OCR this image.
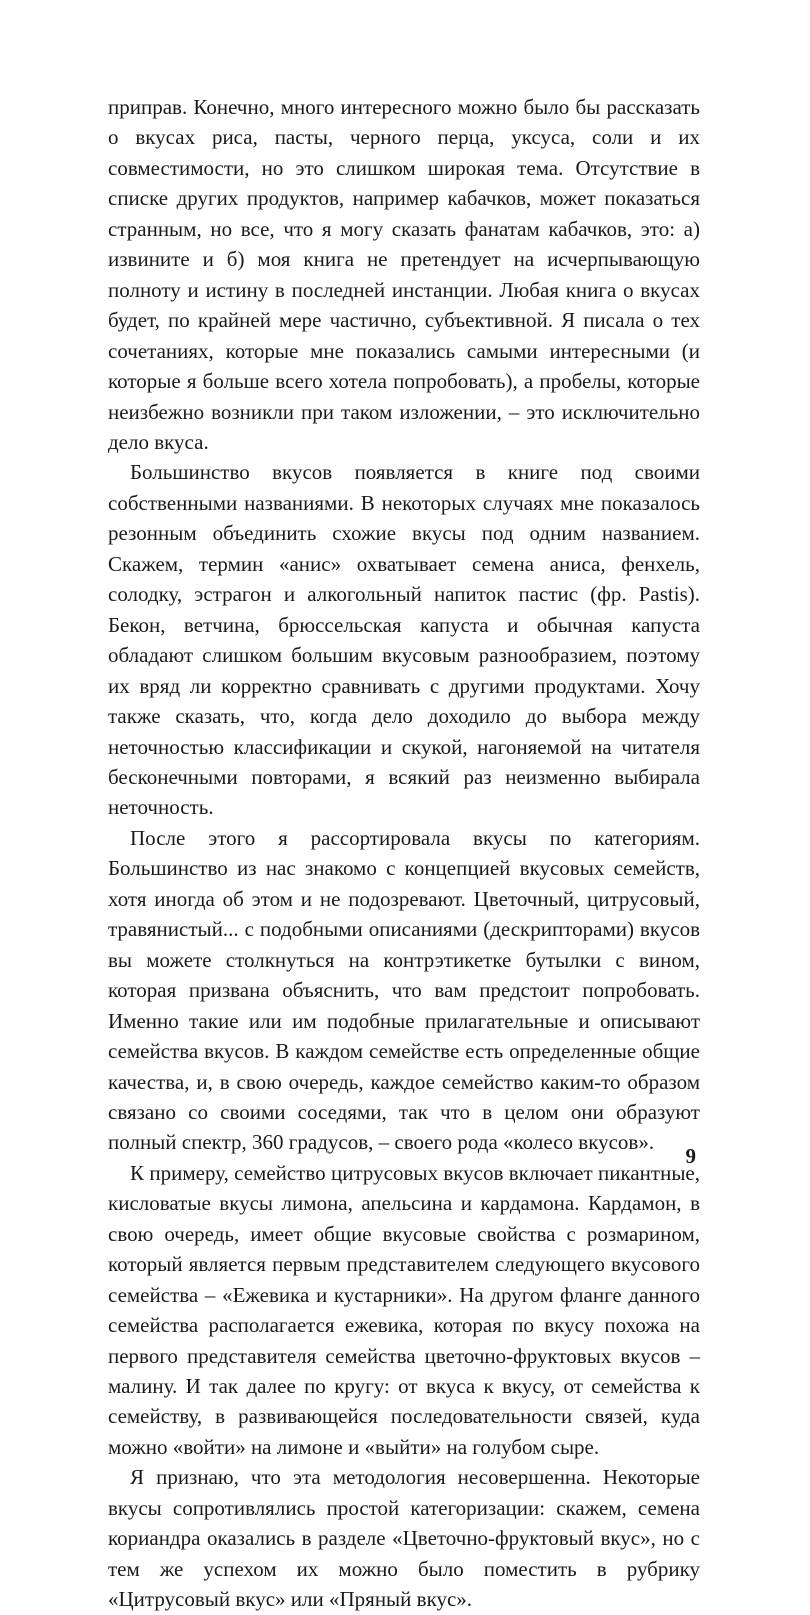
приправ. Конечно, много интересного можно было бы рассказать о вкусах риса, пасты, черного перца, уксуса, соли и их совместимости, но это слишком широкая тема. Отсутствие в списке других продуктов, например кабачков, может показаться странным, но все, что я могу сказать фанатам кабачков, это: а) извините и б) моя книга не претендует на исчерпывающую полноту и истину в последней инстанции. Любая книга о вкусах будет, по крайней мере частично, субъективной. Я писала о тех сочетаниях, которые мне показались самыми интересными (и которые я больше всего хотела попробовать), а пробелы, которые неизбежно возникли при таком изложении, – это исключительно дело вкуса.

Большинство вкусов появляется в книге под своими собственными названиями. В некоторых случаях мне показалось резонным объединить схожие вкусы под одним названием. Скажем, термин «анис» охватывает семена аниса, фенхель, солодку, эстрагон и алкогольный напиток пастис (фр. Pastis). Бекон, ветчина, брюссельская капуста и обычная капуста обладают слишком большим вкусовым разнообразием, поэтому их вряд ли корректно сравнивать с другими продуктами. Хочу также сказать, что, когда дело доходило до выбора между неточностью классификации и скукой, нагоняемой на читателя бесконечными повторами, я всякий раз неизменно выбирала неточность.

После этого я рассортировала вкусы по категориям. Большинство из нас знакомо с концепцией вкусовых семейств, хотя иногда об этом и не подозревают. Цветочный, цитрусовый, травянистый... с подобными описаниями (дескрипторами) вкусов вы можете столкнуться на контрэтикетке бутылки с вином, которая призвана объяснить, что вам предстоит попробовать. Именно такие или им подобные прилагательные и описывают семейства вкусов. В каждом семействе есть определенные общие качества, и, в свою очередь, каждое семейство каким-то образом связано со своими соседями, так что в целом они образуют полный спектр, 360 градусов, – своего рода «колесо вкусов».

К примеру, семейство цитрусовых вкусов включает пикантные, кисловатые вкусы лимона, апельсина и кардамона. Кардамон, в свою очередь, имеет общие вкусовые свойства с розмарином, который является первым представителем следующего вкусового семейства – «Ежевика и кустарники». На другом фланге данного семейства располагается ежевика, которая по вкусу похожа на первого представителя семейства цветочно-фруктовых вкусов – малину. И так далее по кругу: от вкуса к вкусу, от семейства к семейству, в развивающейся последовательности связей, куда можно «войти» на лимоне и «выйти» на голубом сыре.

Я признаю, что эта методология несовершенна. Некоторые вкусы сопротивлялись простой категоризации: скажем, семена кориандра оказались в разделе «Цветочно-фруктовый вкус», но с тем же успехом их можно было поместить в рубрику «Цитрусовый вкус» или «Пряный вкус».

9
